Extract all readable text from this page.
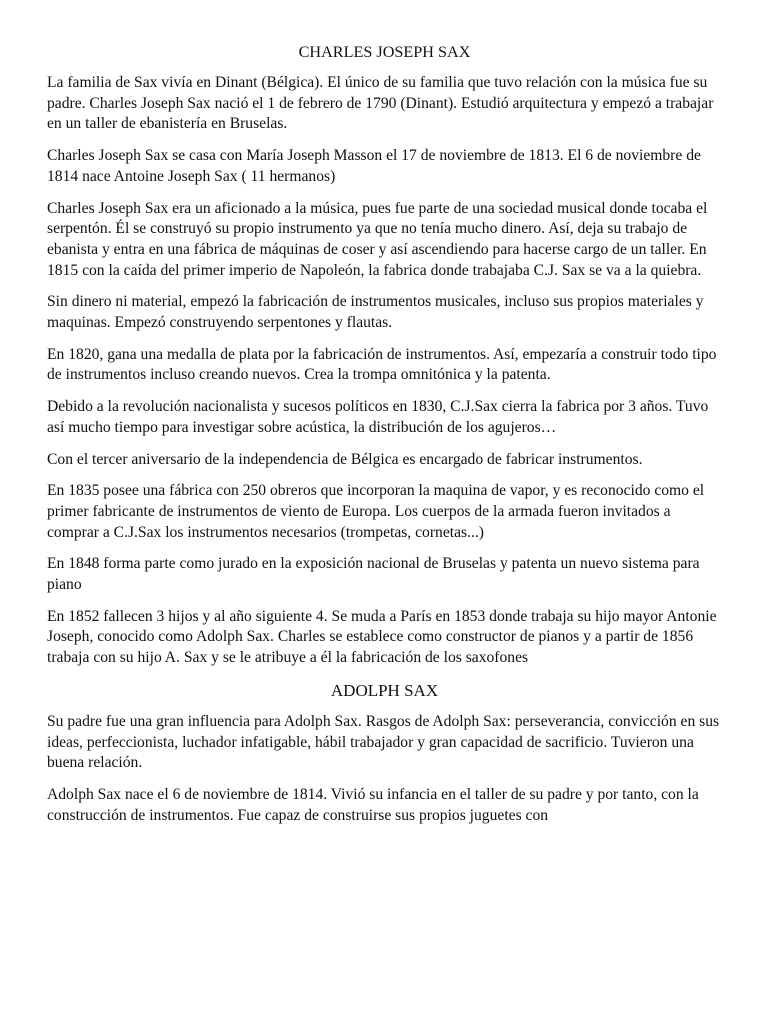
CHARLES JOSEPH SAX

La familia de Sax vivía en Dinant (Bélgica). El único de su familia que tuvo relación con la música fue su padre. Charles Joseph Sax nació el 1 de febrero de 1790 (Dinant). Estudió arquitectura y empezó a trabajar en un taller de ebanistería en Bruselas.

Charles Joseph Sax se casa con María Joseph Masson el 17 de noviembre de 1813. El 6 de noviembre de 1814 nace Antoine Joseph Sax ( 11 hermanos)

Charles Joseph Sax era un aficionado a la música, pues fue parte de una sociedad musical donde tocaba el serpentón. Él se construyó su propio instrumento ya que no tenía mucho dinero. Así, deja su trabajo de ebanista y entra en una fábrica de máquinas de coser y así ascendiendo para hacerse cargo de un taller. En 1815 con la caída del primer imperio de Napoleón, la fabrica donde trabajaba C.J. Sax se va a la quiebra.

Sin dinero ni material, empezó la fabricación de instrumentos musicales, incluso sus propios materiales y maquinas. Empezó construyendo serpentones y flautas.

En 1820, gana una medalla de plata por la fabricación de instrumentos. Así, empezaría a construir todo tipo de instrumentos incluso creando nuevos. Crea la trompa omnitónica y la patenta.

Debido a la revolución nacionalista y sucesos políticos en 1830, C.J.Sax cierra la fabrica por 3 años. Tuvo así mucho tiempo para investigar sobre acústica, la distribución de los agujeros…

Con el tercer aniversario de la independencia de Bélgica es encargado de fabricar instrumentos.

En 1835 posee una fábrica con 250 obreros que incorporan la maquina de vapor, y es reconocido como el primer fabricante de instrumentos de viento de Europa. Los cuerpos de la armada fueron invitados a comprar a C.J.Sax los instrumentos necesarios (trompetas, cornetas...)

En 1848 forma parte como jurado en la exposición nacional de Bruselas y patenta un nuevo sistema para piano

En 1852 fallecen 3 hijos y al año siguiente 4. Se muda a París en 1853 donde trabaja su hijo mayor Antonie Joseph, conocido como Adolph Sax. Charles se establece como constructor de pianos y a partir de 1856 trabaja con su hijo A. Sax y se le atribuye a él la fabricación de los saxofones

ADOLPH SAX

Su padre fue una gran influencia para Adolph Sax. Rasgos de Adolph Sax: perseverancia, convicción en sus ideas, perfeccionista, luchador infatigable, hábil trabajador y gran capacidad de sacrificio. Tuvieron una buena relación.

Adolph Sax nace el 6 de noviembre de 1814. Vivió su infancia en el taller de su padre y por tanto, con la construcción de instrumentos. Fue capaz de construirse sus propios juguetes con
